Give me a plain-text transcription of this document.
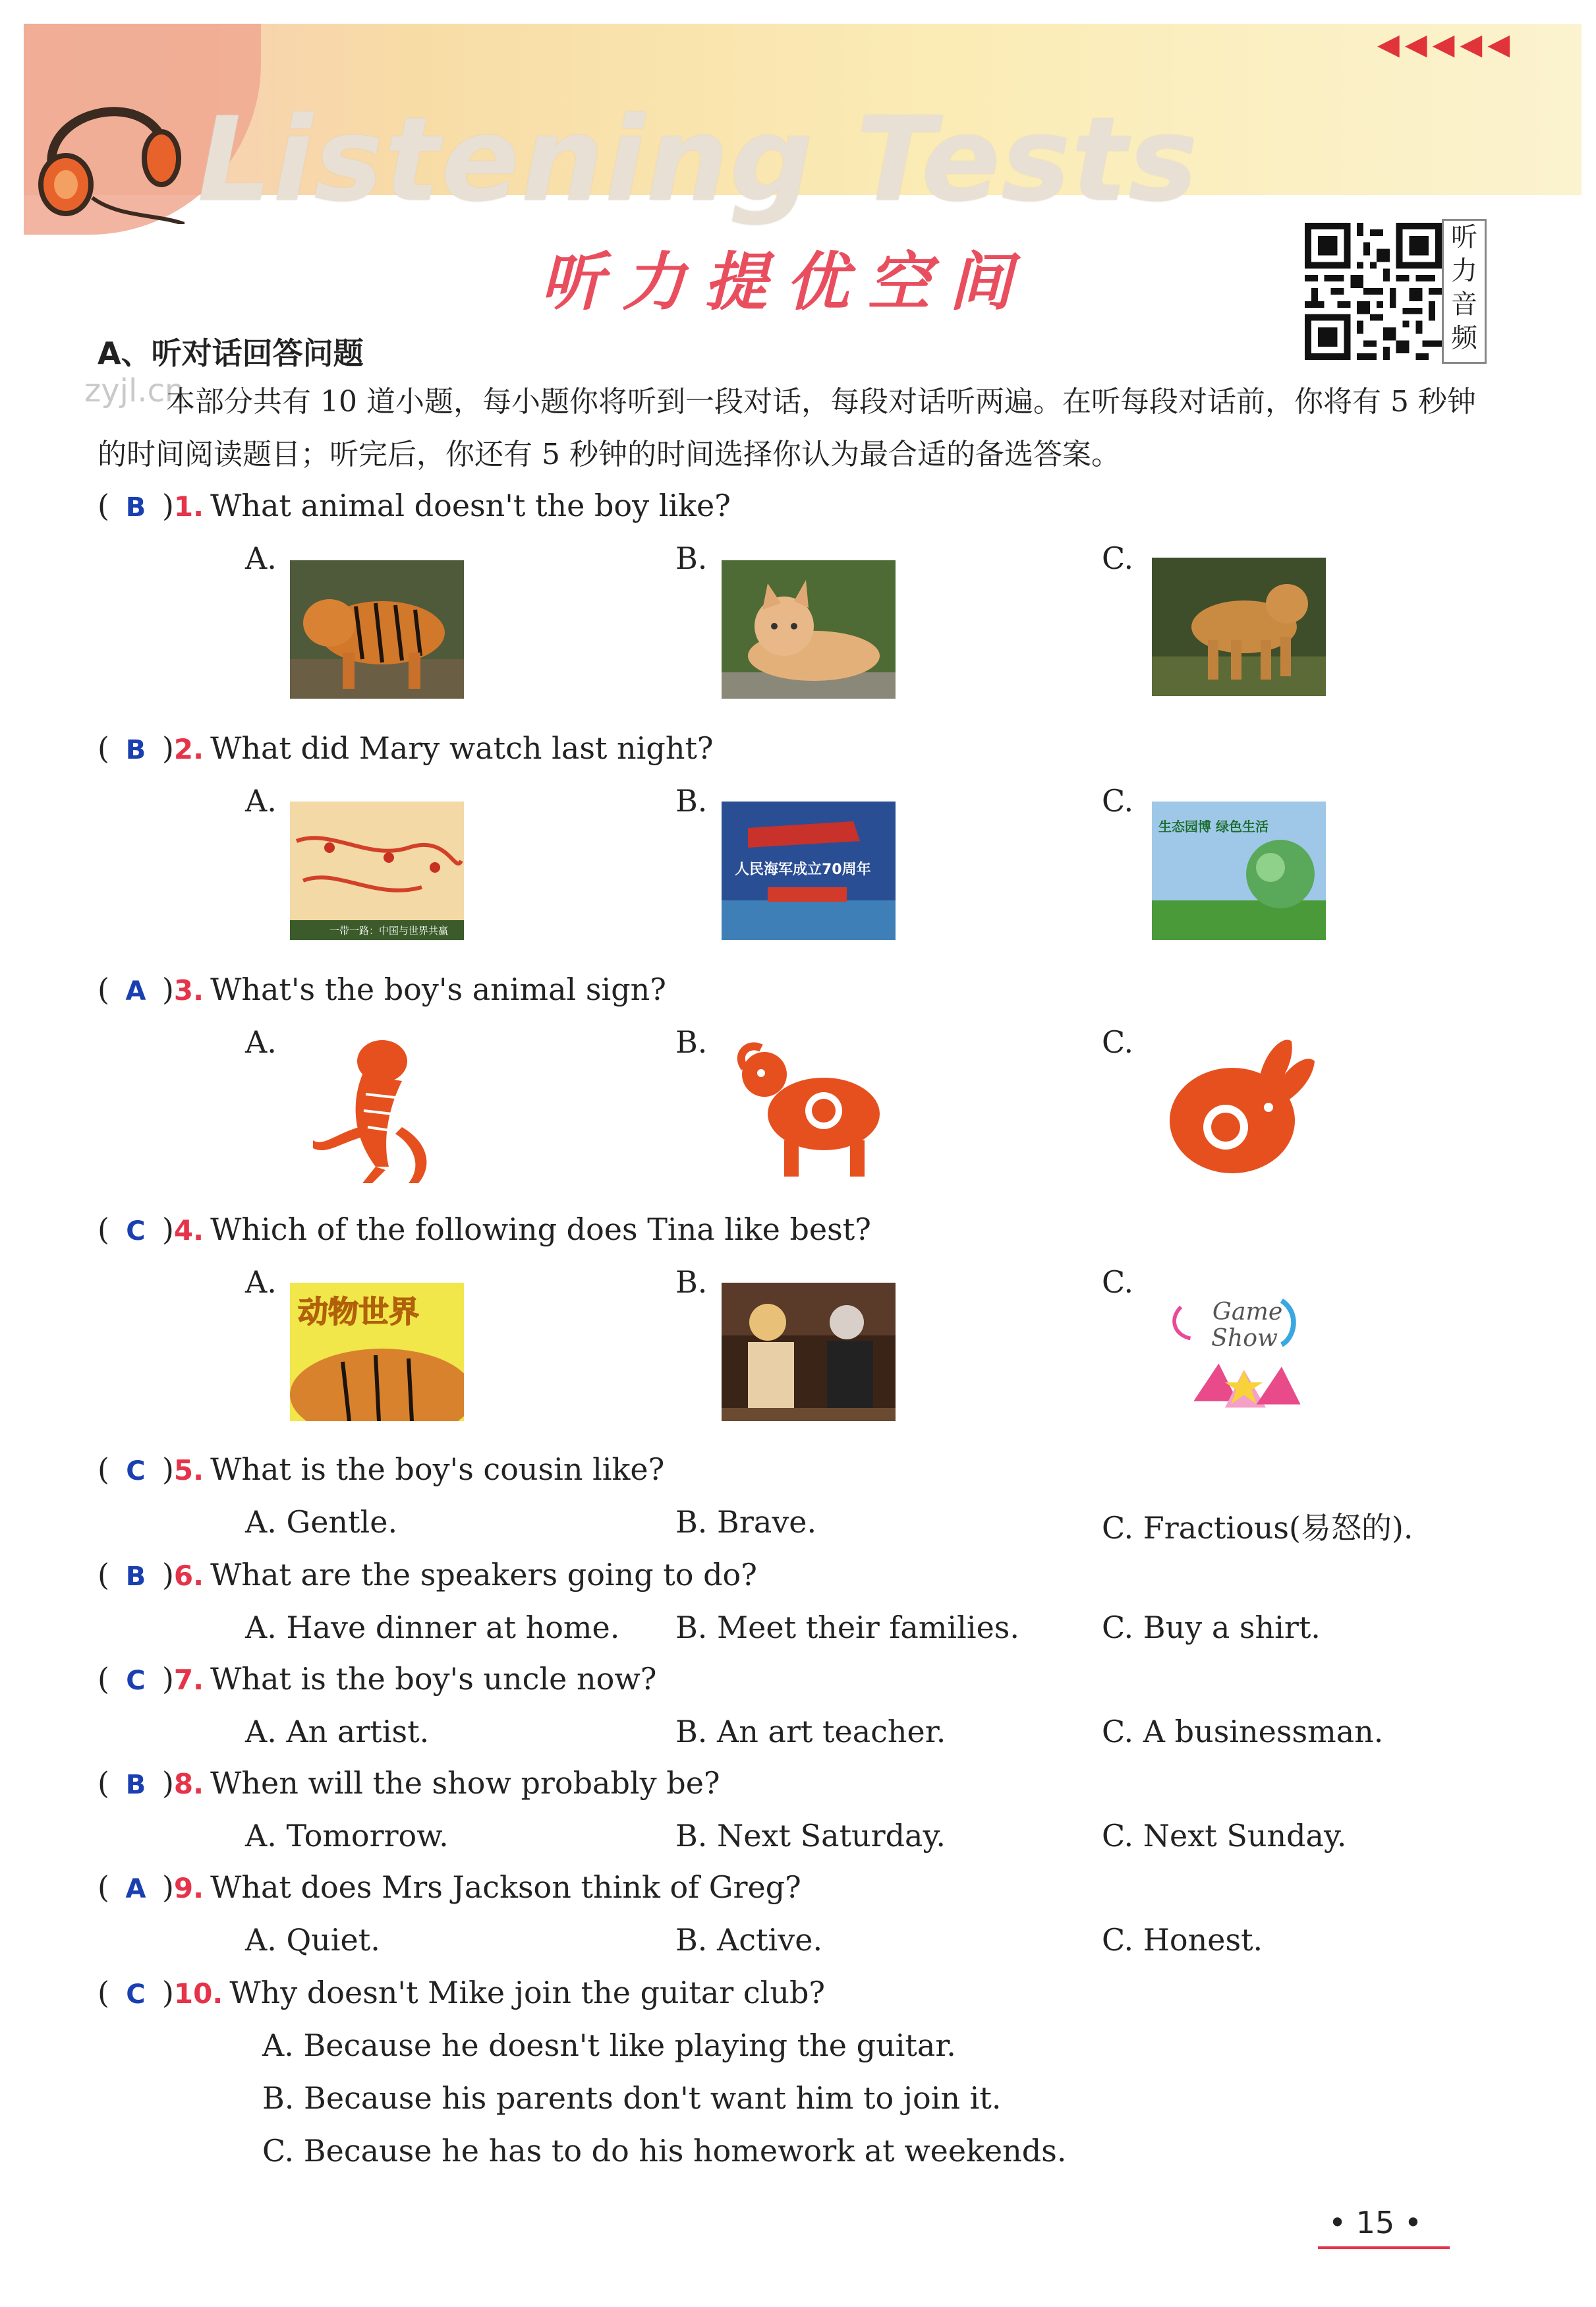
Listening Tests
◀◀◀◀◀
听力提优空间
听力音频
A、听对话回答问题
zyjl.cn
本部分共有 10 道小题，每小题你将听到一段对话，每段对话听两遍。在听每段对话前，你将有 5 秒钟的时间阅读题目；听完后，你还有 5 秒钟的时间选择你认为最合适的备选答案。
( B )1. What animal doesn't the boy like?
A.	B.	C.
( B )2. What did Mary watch last night?
A.	B.	C.
一带一路：中国与世界共赢
人民海军成立70周年
生态园博 绿色生活
( A )3. What's the boy's animal sign?
A.	B.	C.
( C )4. Which of the following does Tina like best?
A.	B.	C.
动物世界	Game
Show
( C )5. What is the boy's cousin like?
A. Gentle.	B. Brave.	C. Fractious(易怒的).
( B )6. What are the speakers going to do?
A. Have dinner at home. B. Meet their families.	C. Buy a shirt.
( C )7. What is the boy's uncle now?
A. An artist.	B. An art teacher.	C. A businessman.
( B )8. When will the show probably be?
A. Tomorrow.	B. Next Saturday.	C. Next Sunday.
( A )9. What does Mrs Jackson think of Greg?
A. Quiet.	B. Active.	C. Honest.
( C )10. Why doesn't Mike join the guitar club?
A. Because he doesn't like playing the guitar.
B. Because his parents don't want him to join it.
C. Because he has to do his homework at weekends.
• 15 •
